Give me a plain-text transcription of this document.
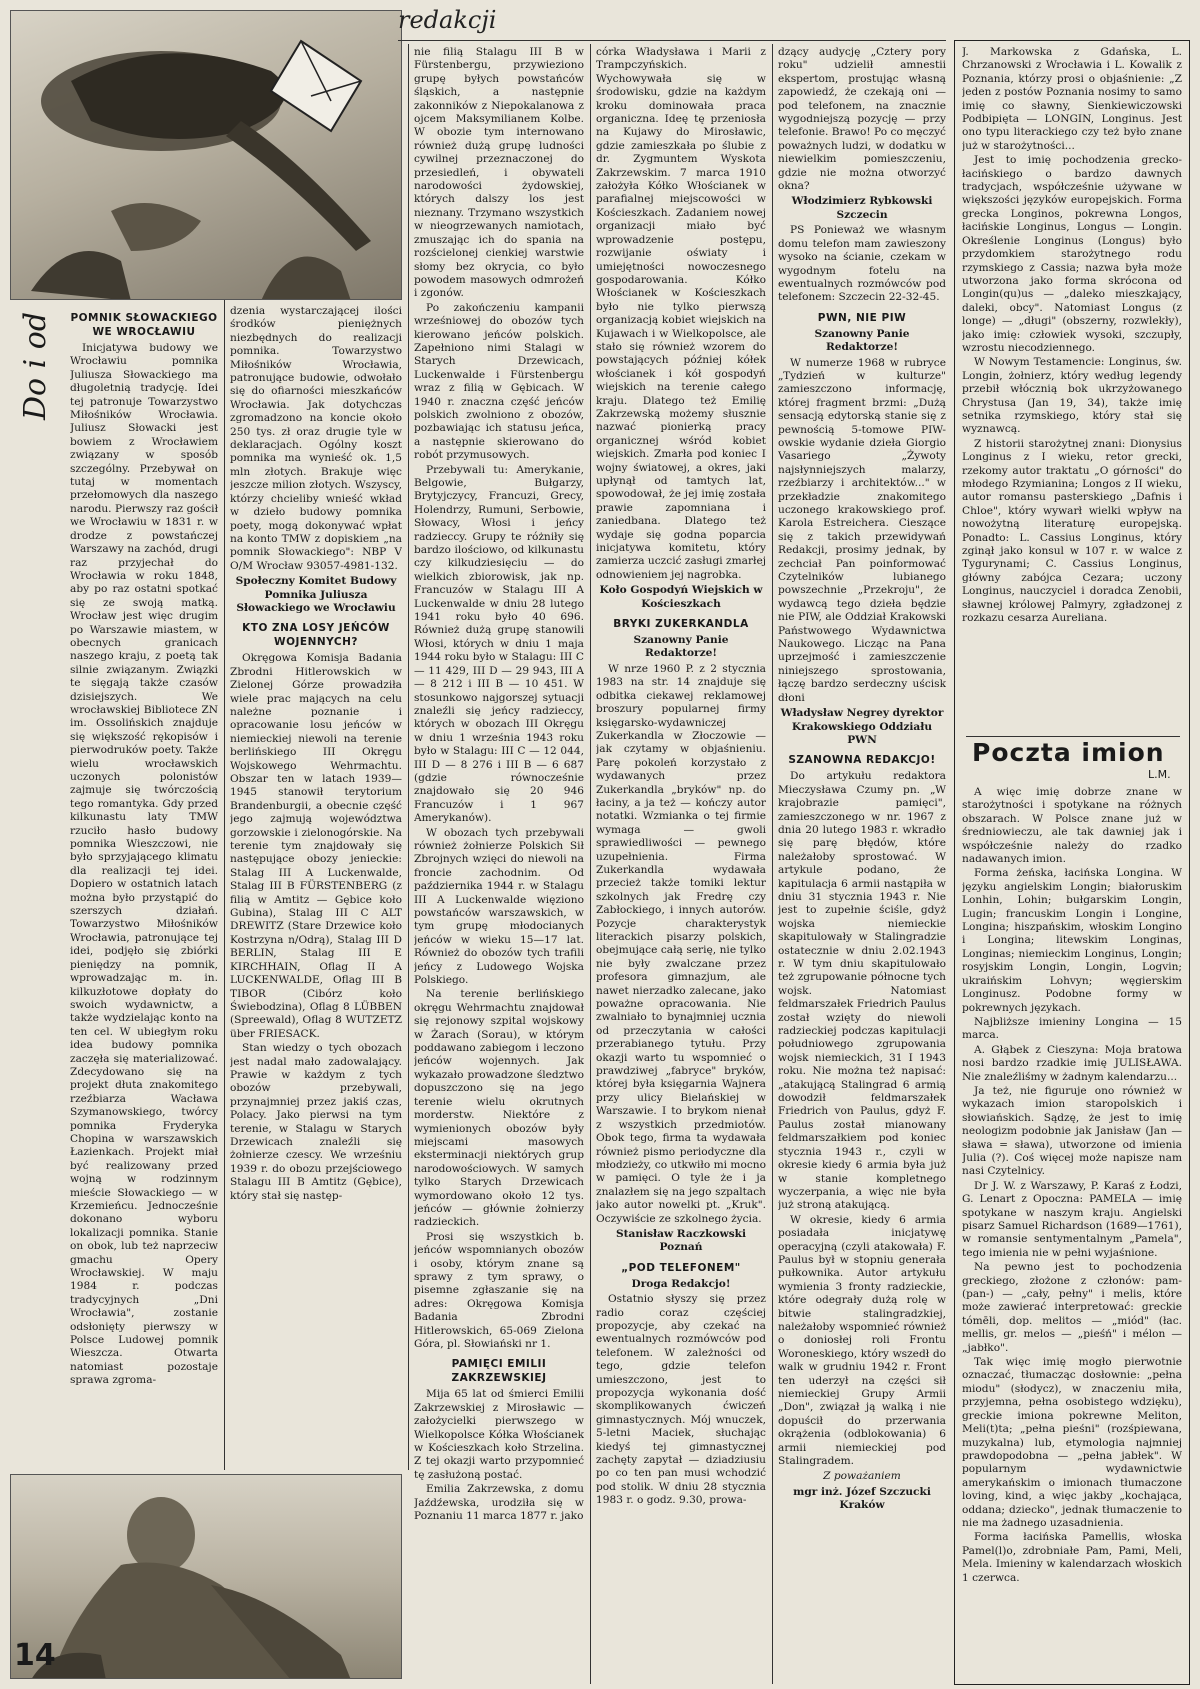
redakcji
Do i od POMNIK SŁOWACKIEGO WE WROCŁAWIU

Inicjatywa budowy we Wrocławiu pomnika Juliusza Słowackiego ma długoletnią tradycję. Idei tej patronuje Towarzystwo Miłośników Wrocławia. Juliusz Słowacki jest bowiem z Wrocławiem związany w sposób szczególny. Przebywał on tutaj w momentach przełomowych dla naszego narodu. Pierwszy raz gościł we Wrocławiu w 1831 r. w drodze z powstańczej Warszawy na zachód, drugi raz przyjechał do Wrocławia w roku 1848, aby po raz ostatni spotkać się ze swoją matką. Wrocław jest więc drugim po Warszawie miastem, w obecnych granicach naszego kraju, z poetą tak silnie związanym. Związki te sięgają także czasów dzisiejszych. We wrocławskiej Bibliotece ZN im. Ossolińskich znajduje się większość rękopisów i pierwodruków poety. Także wielu wrocławskich uczonych polonistów zajmuje się twórczością tego romantyka. Gdy przed kilkunastu laty TMW rzuciło hasło budowy pomnika Wieszczowi, nie było sprzyjającego klimatu dla realizacji tej idei. Dopiero w ostatnich latach można było przystąpić do szerszych działań. Towarzystwo Miłośników Wrocławia, patronujące tej idei, podjęło się zbiórki pieniędzy na pomnik, wprowadzając m. in. kilkuzłotowe dopłaty do swoich wydawnictw, a także wydzielając konto na ten cel. W ubiegłym roku idea budowy pomnika zaczęła się materializować. Zdecydowano się na projekt dłuta znakomitego rzeźbiarza Wacława Szymanowskiego, twórcy pomnika Fryderyka Chopina w warszawskich Łazienkach. Projekt miał być realizowany przed wojną w rodzinnym mieście Słowackiego — w Krzemieńcu. Jednocześnie dokonano wyboru lokalizacji pomnika. Stanie on obok, lub też naprzeciw gmachu Opery Wrocławskiej. W maju 1984 r. podczas tradycyjnych „Dni Wrocławia", zostanie odsłonięty pierwszy w Polsce Ludowej pomnik Wieszcza. Otwarta natomiast pozostaje sprawa zgroma-

dzenia wystarczającej ilości środków pieniężnych niezbędnych do realizacji pomnika. Towarzystwo Miłośników Wrocławia, patronujące budowie, odwołało się do ofiarności mieszkańców Wrocławia. Jak dotychczas zgromadzono na koncie około 250 tys. zł oraz drugie tyle w deklaracjach. Ogólny koszt pomnika ma wynieść ok. 1,5 mln złotych. Brakuje więc jeszcze milion złotych. Wszyscy, którzy chcieliby wnieść wkład w dzieło budowy pomnika poety, mogą dokonywać wpłat na konto TMW z dopiskiem „na pomnik Słowackiego": NBP V O/M Wrocław 93057-4981-132.

Społeczny Komitet Budowy Pomnika Juliusza Słowackiego we Wrocławiu
KTO ZNA LOSY JEŃCÓW WOJENNYCH?

Okręgowa Komisja Badania Zbrodni Hitlerowskich w Zielonej Górze prowadziła wiele prac mających na celu należne poznanie i opracowanie losu jeńców w niemieckiej niewoli na terenie berlińskiego III Okręgu Wojskowego Wehrmachtu. Obszar ten w latach 1939—1945 stanowił terytorium Brandenburgii, a obecnie część jego zajmują województwa gorzowskie i zielonogórskie. Na terenie tym znajdowały się następujące obozy jenieckie: Stalag III A Luckenwalde, Stalag III B FÜRSTENBERG (z filią w Amtitz — Gębice koło Gubina), Stalag III C ALT DREWITZ (Stare Drzewice koło Kostrzyna n/Odrą), Stalag III D BERLIN, Stalag III E KIRCHHAIN, Oflag II A LUCKENWALDE, Oflag III B TIBOR (Cibórz koło Świebodzina), Oflag 8 LÜBBEN (Spreewald), Oflag 8 WUTZETZ über FRIESACK.

Stan wiedzy o tych obozach jest nadal mało zadowalający. Prawie w każdym z tych obozów przebywali, przynajmniej przez jakiś czas, Polacy. Jako pierwsi na tym terenie, w Stalagu w Starych Drzewicach znaleźli się żołnierze czescy. We wrześniu 1939 r. do obozu przejściowego Stalagu III B Amtitz (Gębice), który stał się następ-

nie filią Stalagu III B w Fürstenbergu, przywieziono grupę byłych powstańców śląskich, a następnie zakonników z Niepokalanowa z ojcem Maksymilianem Kolbe. W obozie tym internowano również dużą grupę ludności cywilnej przeznaczonej do przesiedleń, i obywateli narodowości żydowskiej, których dalszy los jest nieznany. Trzymano wszystkich w nieogrzewanych namiotach, zmuszając ich do spania na rozścielonej cienkiej warstwie słomy bez okrycia, co było powodem masowych odmrożeń i zgonów.

Po zakończeniu kampanii wrześniowej do obozów tych kierowano jeńców polskich. Zapełniono nimi Stalagi w Starych Drzewicach, Luckenwalde i Fürstenbergu wraz z filią w Gębicach. W 1940 r. znaczna część jeńców polskich zwolniono z obozów, pozbawiając ich statusu jeńca, a następnie skierowano do robót przymusowych.

Przebywali tu: Amerykanie, Belgowie, Bułgarzy, Brytyjczycy, Francuzi, Grecy, Holendrzy, Rumuni, Serbowie, Słowacy, Włosi i jeńcy radzieccy. Grupy te różniły się bardzo ilościowo, od kilkunastu czy kilkudziesięciu — do wielkich zbiorowisk, jak np. Francuzów w Stalagu III A Luckenwalde w dniu 28 lutego 1941 roku było 40 696. Również dużą grupę stanowili Włosi, których w dniu 1 maja 1944 roku było w Stalagu: III C — 11 429, III D — 29 943, III A — 8 212 i III B — 10 451. W stosunkowo najgorszej sytuacji znaleźli się jeńcy radzieccy, których w obozach III Okręgu w dniu 1 września 1943 roku było w Stalagu: III C — 12 044, III D — 8 276 i III B — 6 687 (gdzie równocześnie znajdowało się 20 946 Francuzów i 1 967 Amerykanów).

W obozach tych przebywali również żołnierze Polskich Sił Zbrojnych wzięci do niewoli na froncie zachodnim. Od października 1944 r. w Stalagu III A Luckenwalde więziono powstańców warszawskich, w tym grupę młodocianych jeńców w wieku 15—17 lat. Również do obozów tych trafili jeńcy z Ludowego Wojska Polskiego.

Na terenie berlińskiego okręgu Wehrmachtu znajdował się rejonowy szpital wojskowy w Żarach (Sorau), w którym poddawano zabiegom i leczono jeńców wojennych. Jak wykazało prowadzone śledztwo dopuszczono się na jego terenie wielu okrutnych morderstw. Niektóre z wymienionych obozów były miejscami masowych eksterminacji niektórych grup narodowościowych. W samych tylko Starych Drzewicach wymordowano około 12 tys. jeńców — głównie żołnierzy radzieckich.

Prosi się wszystkich b. jeńców wspomnianych obozów i osoby, którym znane są sprawy z tym sprawy, o pisemne zgłaszanie się na adres: Okręgowa Komisja Badania Zbrodni Hitlerowskich, 65-069 Zielona Góra, pl. Słowiański nr 1.

PAMIĘCI EMILII ZAKRZEWSKIEJ

Mija 65 lat od śmierci Emilii Zakrzewskiej z Mirosławic — założycielki pierwszego w Wielkopolsce Kółka Włościanek w Kościeszkach koło Strzelina. Z tej okazji warto przypomnieć tę zasłużoną postać.

Emilia Zakrzewska, z domu Jaźdźewska, urodziła się w Poznaniu 11 marca 1877 r. jako

córka Władysława i Marii z Trampczyńskich. Wychowywała się w środowisku, gdzie na każdym kroku dominowała praca organiczna. Ideę tę przeniosła na Kujawy do Mirosławic, gdzie zamieszkała po ślubie z dr. Zygmuntem Wyskota Zakrzewskim. 7 marca 1910 założyła Kółko Włościanek w parafialnej miejscowości w Kościeszkach. Zadaniem nowej organizacji miało być wprowadzenie postępu, rozwijanie oświaty i umiejętności nowoczesnego gospodarowania. Kółko Włościanek w Kościeszkach było nie tylko pierwszą organizacją kobiet wiejskich na Kujawach i w Wielkopolsce, ale stało się również wzorem do powstających później kółek włościanek i kół gospodyń wiejskich na terenie całego kraju. Dlatego też Emilię Zakrzewską możemy słusznie nazwać pionierką pracy organicznej wśród kobiet wiejskich. Zmarła pod koniec I wojny światowej, a okres, jaki upłynął od tamtych lat, spowodował, że jej imię została prawie zapomniana i zaniedbana. Dlatego też wydaje się godna poparcia inicjatywa komitetu, który zamierza uczcić zasługi zmarłej odnowieniem jej nagrobka.

Koło Gospodyń Wiejskich w Kościeszkach
BRYKI ZUKERKANDLA
Szanowny Panie Redaktorze!

W nrze 1960 P. z 2 stycznia 1983 na str. 14 znajduje się odbitka ciekawej reklamowej broszury popularnej firmy księgarsko-wydawniczej Zukerkandla w Złoczowie — jak czytamy w objaśnieniu. Parę pokoleń korzystało z wydawanych przez Zukerkandla „bryków" np. do łaciny, a ja też — kończy autor notatki. Wzmianka o tej firmie wymaga — gwoli sprawiedliwości — pewnego uzupełnienia. Firma Zukerkandla wydawała przecież także tomiki lektur szkolnych jak Fredrę czy Zabłockiego, i innych autorów. Pozycje charakterystyk literackich pisarzy polskich, obejmujące całą serię, nie tylko nie były zwalczane przez profesora gimnazjum, ale nawet nierzadko zalecane, jako poważne opracowania. Nie zwalniało to bynajmniej ucznia od przeczytania w całości przerabianego tytułu. Przy okazji warto tu wspomnieć o prawdziwej „fabryce" bryków, której była księgarnia Wajnera przy ulicy Bielańskiej w Warszawie. I to brykom nienał z wszystkich przedmiotów. Obok tego, firma ta wydawała również pismo periodyczne dla młodzieży, co utkwiło mi mocno w pamięci. O tyle że i ja znalazłem się na jego szpaltach jako autor nowelki pt. „Kruk". Oczywiście ze szkolnego życia.

Stanisław Raczkowski Poznań
„POD TELEFONEM"
Droga Redakcjo!

Ostatnio słyszy się przez radio coraz częściej propozycje, aby czekać na ewentualnych rozmówców pod telefonem. W zależności od tego, gdzie telefon umieszczono, jest to propozycja wykonania dość skomplikowanych ćwiczeń gimnastycznych. Mój wnuczek, 5-letni Maciek, słuchając kiedyś tej gimnastycznej zachęty zapytał — dziadziusiu po co ten pan musi wchodzić pod stolik. W dniu 28 stycznia 1983 r. o godz. 9.30, prowa-

dzący audycję „Cztery pory roku" udzielił amnestii ekspertom, prostując własną zapowiedź, że czekają oni — pod telefonem, na znacznie wygodniejszą pozycję — przy telefonie. Brawo! Po co męczyć poważnych ludzi, w dodatku w niewielkim pomieszczeniu, gdzie nie można otworzyć okna?

Włodzimierz Rybkowski Szczecin

PS Ponieważ we własnym domu telefon mam zawieszony wysoko na ścianie, czekam w wygodnym fotelu na ewentualnych rozmówców pod telefonem: Szczecin 22-32-45.

PWN, NIE PIW
Szanowny Panie Redaktorze!

W numerze 1968 w rubryce „Tydzień w kulturze" zamieszczono informację, której fragment brzmi: „Dużą sensacją edytorską stanie się z pewnością 5-tomowe PIW-owskie wydanie dzieła Giorgio Vasariego „Żywoty najsłynniejszych malarzy, rzeźbiarzy i architektów..." w przekładzie znakomitego uczonego krakowskiego prof. Karola Estreichera. Cieszące się z takich przewidywań Redakcji, prosimy jednak, by zechciał Pan poinformować Czytelników lubianego powszechnie „Przekroju", że wydawcą tego dzieła będzie nie PIW, ale Oddział Krakowski Państwowego Wydawnictwa Naukowego. Licząc na Pana uprzejmość i zamieszczenie niniejszego sprostowania, łączę bardzo serdeczny uścisk dłoni

Władysław Negrey dyrektor Krakowskiego Oddziału PWN
SZANOWNA REDAKCJO!

Do artykułu redaktora Mieczysława Czumy pn. „W krajobrazie pamięci", zamieszczonego w nr. 1967 z dnia 20 lutego 1983 r. wkradło się parę błędów, które należałoby sprostować. W artykule podano, że kapitulacja 6 armii nastąpiła w dniu 31 stycznia 1943 r. Nie jest to zupełnie ściśle, gdyż wojska niemieckie skapitulowały w Stalingradzie ostatecznie w dniu 2.02.1943 r. W tym dniu skapitulowało też zgrupowanie północne tych wojsk. Natomiast feldmarszałek Friedrich Paulus został wzięty do niewoli radzieckiej podczas kapitulacji południowego zgrupowania wojsk niemieckich, 31 I 1943 roku. Nie można też napisać: „atakującą Stalingrad 6 armią dowodził feldmarszałek Friedrich von Paulus, gdyż F. Paulus został mianowany feldmarszałkiem pod koniec stycznia 1943 r., czyli w okresie kiedy 6 armia była już w stanie kompletnego wyczerpania, a więc nie była już stroną atakującą.

W okresie, kiedy 6 armia posiadała inicjatywę operacyjną (czyli atakowała) F. Paulus był w stopniu generała pułkownika. Autor artykułu wymienia 3 fronty radzieckie, które odegrały dużą rolę w bitwie stalingradzkiej, należałoby wspomnieć również o doniosłej roli Frontu Woroneskiego, który wszedł do walk w grudniu 1942 r. Front ten uderzył na części sił niemieckiej Grupy Armii „Don", związał ją walką i nie dopuścił do przerwania okrążenia (odblokowania) 6 armii niemieckiej pod Stalingradem.

Z poważaniem
mgr inż. Józef Szczucki Kraków

J. Markowska z Gdańska, L. Chrzanowski z Wrocławia i L. Kowalik z Poznania, którzy prosi o objaśnienie: „Z jeden z postów Poznania nosimy to samo imię co sławny, Sienkiewiczowski Podbipięta — LONGIN, Longinus. Jest ono typu literackiego czy też było znane już w starożytności...

Jest to imię pochodzenia grecko-łacińskiego o bardzo dawnych tradycjach, współcześnie używane w większości języków europejskich. Forma grecka Longinos, pokrewna Longos, łacińskie Longinus, Longus — Longin. Określenie Longinus (Longus) było przydomkiem starożytnego rodu rzymskiego z Cassia; nazwa była może utworzona jako forma skrócona od Longin(qu)us — „daleko mieszkający, daleki, obcy". Natomiast Longus (z longe) — „długi" (obszerny, rozwlekły), jako imię: człowiek wysoki, szczupły, wzrostu niecodziennego.

W Nowym Testamencie: Longinus, św. Longin, żołnierz, który według legendy przebił włócznią bok ukrzyżowanego Chrystusa (Jan 19, 34), także imię setnika rzymskiego, który stał się wyznawcą.

Z historii starożytnej znani: Dionysius Longinus z I wieku, retor grecki, rzekomy autor traktatu „O górności" do młodego Rzymianina; Longos z II wieku, autor romansu pasterskiego „Dafnis i Chloe", który wywarł wielki wpływ na nowożytną literaturę europejską. Ponadto: L. Cassius Longinus, który zginął jako konsul w 107 r. w walce z Tygurynami; C. Cassius Longinus, główny zabójca Cezara; uczony Longinus, nauczyciel i doradca Zenobii, sławnej królowej Palmyry, zgładzonej z rozkazu cesarza Aureliana.

Poczta imion
L.M.

A więc imię dobrze znane w starożytności i spotykane na różnych obszarach. W Polsce znane już w średniowieczu, ale tak dawniej jak i współcześnie należy do rzadko nadawanych imion.

Forma żeńska, łacińska Longina. W języku angielskim Longin; białoruskim Lonhin, Lohin; bułgarskim Longin, Lugin; francuskim Longin i Longine, Longina; hiszpańskim, włoskim Longino i Longina; litewskim Longinas, Longinas; niemieckim Longinus, Longin; rosyjskim Longin, Longin, Logvin; ukraińskim Lohvyn; węgierskim Longinusz. Podobne formy w pokrewnych językach.

Najbliższe imieniny Longina — 15 marca.

A. Głąbek z Cieszyna: Moja bratowa nosi bardzo rzadkie imię JULISŁAWA. Nie znaleźliśmy w żadnym kalendarzu...

Ja też, nie figuruje ono również w wykazach imion staropolskich i słowiańskich. Sądzę, że jest to imię neologizm podobnie jak Janisław (Jan — sława = sława), utworzone od imienia Julia (?). Coś więcej może napisze nam nasi Czytelnicy.

Dr J. W. z Warszawy, P. Karaś z Łodzi, G. Lenart z Opoczna: PAMELA — imię spotykane w naszym kraju. Angielski pisarz Samuel Richardson (1689—1761), w romansie sentymentalnym „Pamela", tego imienia nie w pełni wyjaśnione.

Na pewno jest to pochodzenia greckiego, złożone z członów: pam-(pan-) — „cały, pełny" i melis, które może zawierać interpretować: greckie tómēli, dop. melitos — „miód" (łac. mellis, gr. melos — „pieśń" i mélon — „jabłko".

Tak więc imię mogło pierwotnie oznaczać, tłumacząc dosłownie: „pełna miodu" (słodycz), w znaczeniu miła, przyjemna, pełna osobistego wdzięku), greckie imiona pokrewne Meliton, Meli(t)ta; „pełna pieśni" (rozśpiewana, muzykalna) lub, etymologia najmniej prawdopodobna — „pełna jabłek". W popularnym wydawnictwie amerykańskim o imionach tłumaczone loving, kind, a więc jakby „kochająca, oddana; dziecko", jednak tłumaczenie to nie ma żadnego uzasadnienia.

Forma łacińska Pamellis, włoska Pamel(l)o, zdrobniałe Pam, Pami, Meli, Mela. Imieniny w kalendarzach włoskich 1 czerwca.

14
